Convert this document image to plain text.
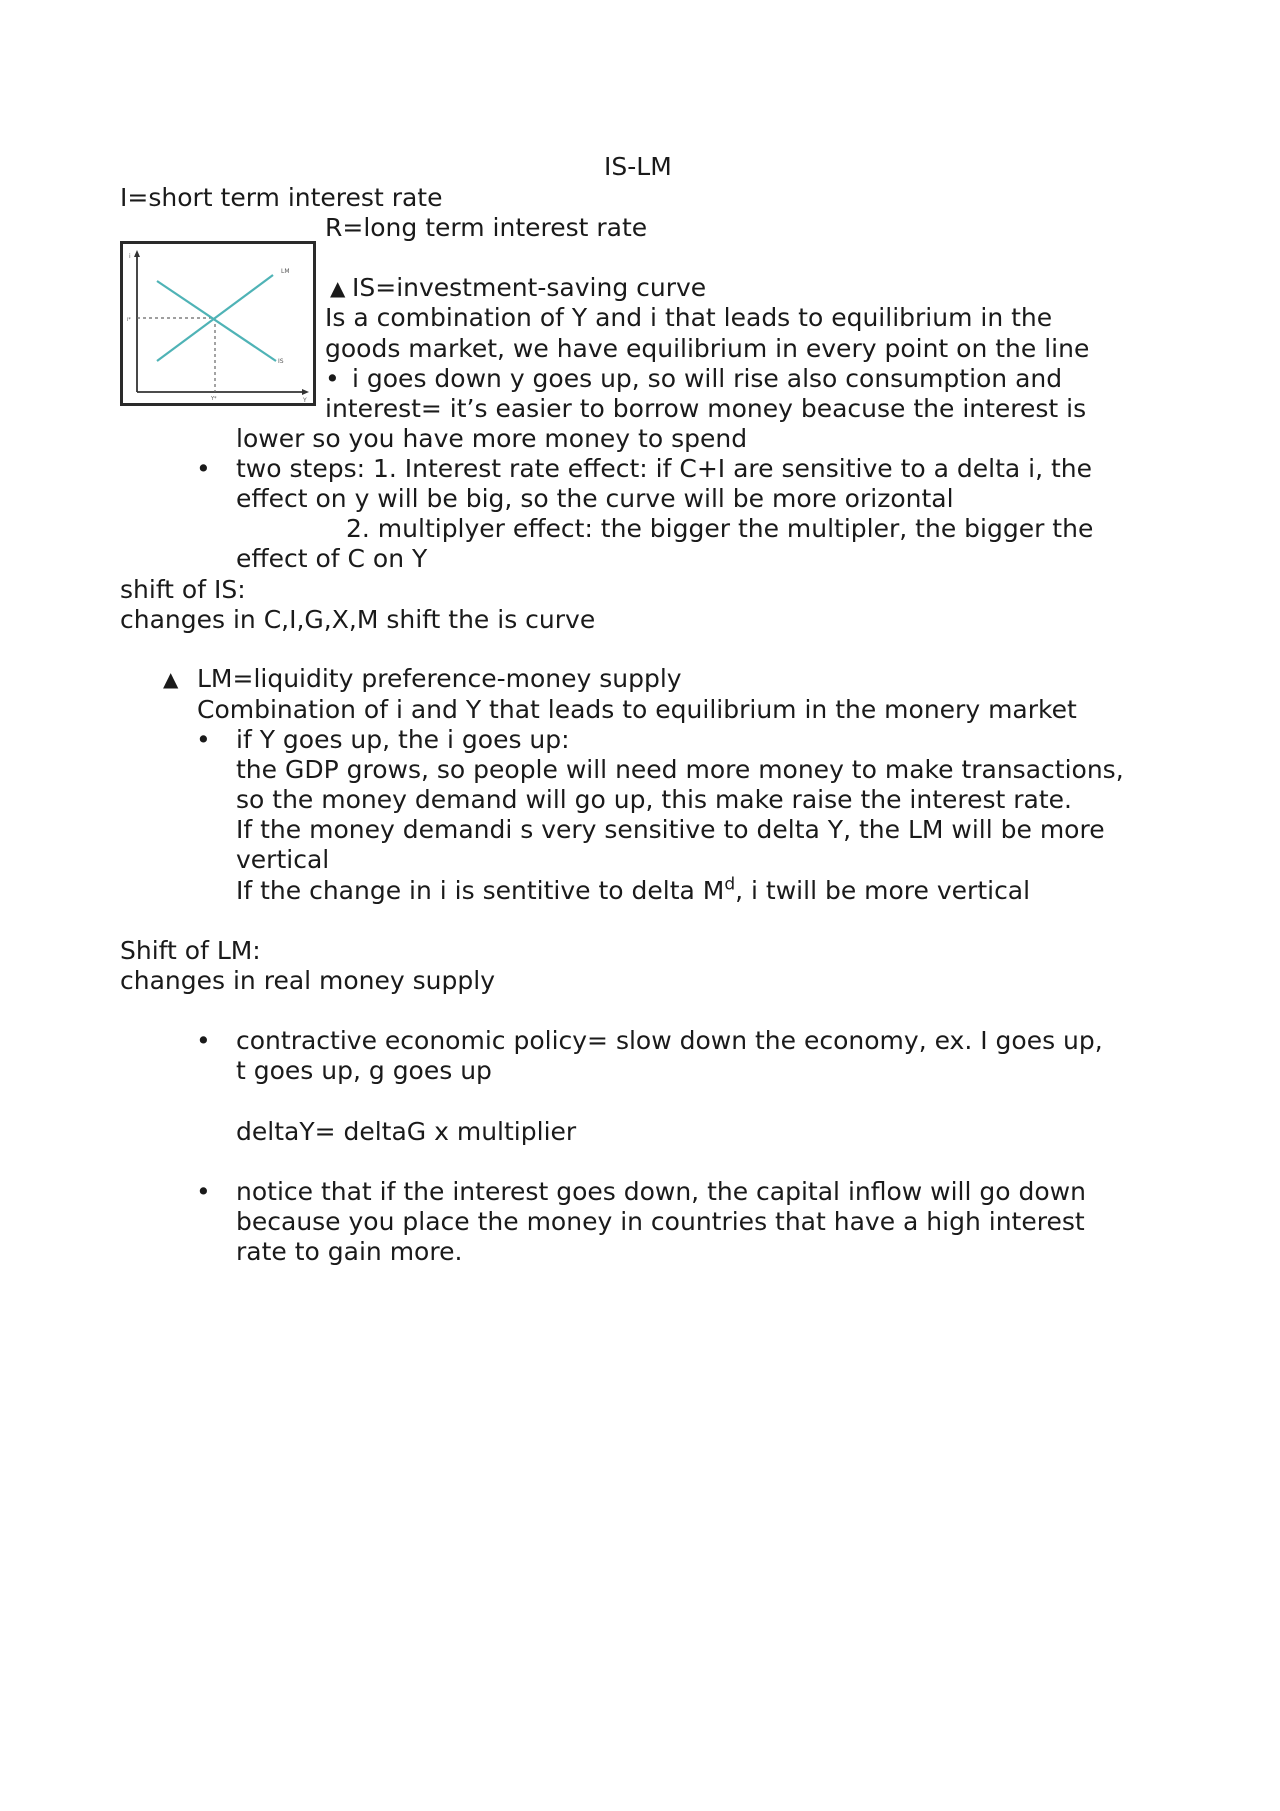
IS-LM
I=short term interest rate
R=long term interest rate
i
Y
LM
IS
i*
Y*
▲ IS=investment-saving curve
Is a combination of Y and i that leads to equilibrium in the
goods market, we have equilibrium in every point on the line
• i goes down y goes up, so will rise also consumption and
interest= it’s easier to borrow money beacuse the interest is
lower so you have more money to spend
• two steps: 1. Interest rate effect: if C+I are sensitive to a delta i, the
effect on y will be big, so the curve will be more orizontal
2. multiplyer effect: the bigger the multipler, the bigger the
effect of C on Y
shift of IS:
changes in C,I,G,X,M shift the is curve
▲ LM=liquidity preference-money supply
Combination of i and Y that leads to equilibrium in the monery market
• if Y goes up, the i goes up:
the GDP grows, so people will need more money to make transactions,
so the money demand will go up, this make raise the interest rate.
If the money demandi s very sensitive to delta Y, the LM will be more
vertical
If the change in i is sentitive to delta $M^d$, i twill be more vertical
Shift of LM:
changes in real money supply
• contractive economic policy= slow down the economy, ex. I goes up,
t goes up, g goes up
deltaY= deltaG x multiplier
• notice that if the interest goes down, the capital inflow will go down
because you place the money in countries that have a high interest
rate to gain more.
